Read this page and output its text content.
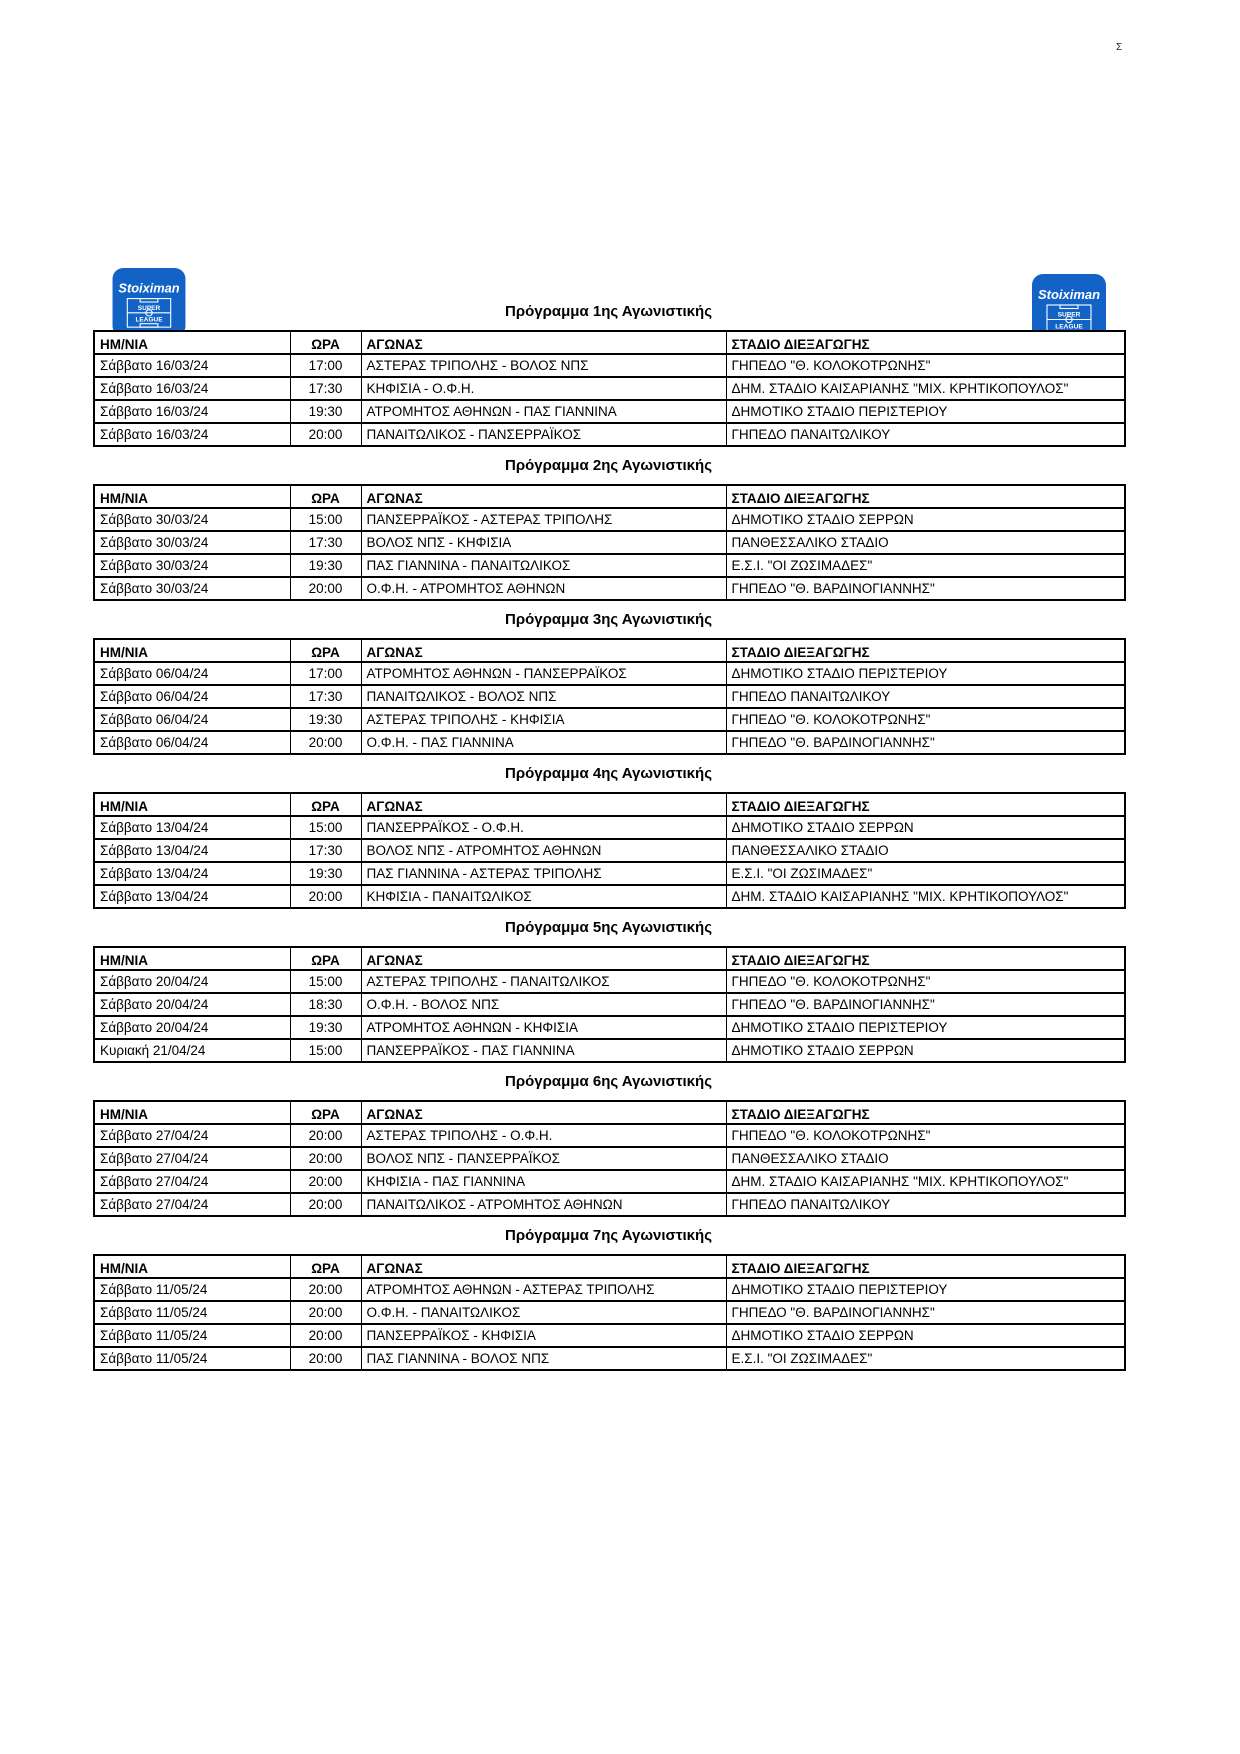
Σ
Stoiximan
SUPER
LEAGUE
Stoiximan
SUPER
LEAGUE
Πρόγραμμα 1ης Αγωνιστικής
ΗΜ/ΝΙΑ	ΩΡΑ	ΑΓΩΝΑΣ	ΣΤΑΔΙΟ ΔΙΕΞΑΓΩΓΗΣ
Σάββατο 16/03/24	17:00	ΑΣΤΕΡΑΣ ΤΡΙΠΟΛΗΣ - ΒΟΛΟΣ ΝΠΣ	ΓΗΠΕΔΟ "Θ. ΚΟΛΟΚΟΤΡΩΝΗΣ"
Σάββατο 16/03/24	17:30	ΚΗΦΙΣΙΑ - Ο.Φ.Η.	ΔΗΜ. ΣΤΑΔΙΟ ΚΑΙΣΑΡΙΑΝΗΣ "ΜΙΧ. ΚΡΗΤΙΚΟΠΟΥΛΟΣ"
Σάββατο 16/03/24	19:30	ΑΤΡΟΜΗΤΟΣ ΑΘΗΝΩΝ - ΠΑΣ ΓΙΑΝΝΙΝΑ	ΔΗΜΟΤΙΚΟ ΣΤΑΔΙΟ ΠΕΡΙΣΤΕΡΙΟΥ
Σάββατο 16/03/24	20:00	ΠΑΝΑΙΤΩΛΙΚΟΣ - ΠΑΝΣΕΡΡΑΪΚΟΣ	ΓΗΠΕΔΟ ΠΑΝΑΙΤΩΛΙΚΟΥ
Πρόγραμμα 2ης Αγωνιστικής
ΗΜ/ΝΙΑ	ΩΡΑ	ΑΓΩΝΑΣ	ΣΤΑΔΙΟ ΔΙΕΞΑΓΩΓΗΣ
Σάββατο 30/03/24	15:00	ΠΑΝΣΕΡΡΑΪΚΟΣ - ΑΣΤΕΡΑΣ ΤΡΙΠΟΛΗΣ	ΔΗΜΟΤΙΚΟ ΣΤΑΔΙΟ ΣΕΡΡΩΝ
Σάββατο 30/03/24	17:30	ΒΟΛΟΣ ΝΠΣ - ΚΗΦΙΣΙΑ	ΠΑΝΘΕΣΣΑΛΙΚΟ ΣΤΑΔΙΟ
Σάββατο 30/03/24	19:30	ΠΑΣ ΓΙΑΝΝΙΝΑ - ΠΑΝΑΙΤΩΛΙΚΟΣ	Ε.Σ.Ι. "ΟΙ ΖΩΣΙΜΑΔΕΣ"
Σάββατο 30/03/24	20:00	Ο.Φ.Η. - ΑΤΡΟΜΗΤΟΣ ΑΘΗΝΩΝ	ΓΗΠΕΔΟ "Θ. ΒΑΡΔΙΝΟΓΙΑΝΝΗΣ"
Πρόγραμμα 3ης Αγωνιστικής
ΗΜ/ΝΙΑ	ΩΡΑ	ΑΓΩΝΑΣ	ΣΤΑΔΙΟ ΔΙΕΞΑΓΩΓΗΣ
Σάββατο 06/04/24	17:00	ΑΤΡΟΜΗΤΟΣ ΑΘΗΝΩΝ - ΠΑΝΣΕΡΡΑΪΚΟΣ	ΔΗΜΟΤΙΚΟ ΣΤΑΔΙΟ ΠΕΡΙΣΤΕΡΙΟΥ
Σάββατο 06/04/24	17:30	ΠΑΝΑΙΤΩΛΙΚΟΣ - ΒΟΛΟΣ ΝΠΣ	ΓΗΠΕΔΟ ΠΑΝΑΙΤΩΛΙΚΟΥ
Σάββατο 06/04/24	19:30	ΑΣΤΕΡΑΣ ΤΡΙΠΟΛΗΣ - ΚΗΦΙΣΙΑ	ΓΗΠΕΔΟ "Θ. ΚΟΛΟΚΟΤΡΩΝΗΣ"
Σάββατο 06/04/24	20:00	Ο.Φ.Η. - ΠΑΣ ΓΙΑΝΝΙΝΑ	ΓΗΠΕΔΟ "Θ. ΒΑΡΔΙΝΟΓΙΑΝΝΗΣ"
Πρόγραμμα 4ης Αγωνιστικής
ΗΜ/ΝΙΑ	ΩΡΑ	ΑΓΩΝΑΣ	ΣΤΑΔΙΟ ΔΙΕΞΑΓΩΓΗΣ
Σάββατο 13/04/24	15:00	ΠΑΝΣΕΡΡΑΪΚΟΣ - Ο.Φ.Η.	ΔΗΜΟΤΙΚΟ ΣΤΑΔΙΟ ΣΕΡΡΩΝ
Σάββατο 13/04/24	17:30	ΒΟΛΟΣ ΝΠΣ - ΑΤΡΟΜΗΤΟΣ ΑΘΗΝΩΝ	ΠΑΝΘΕΣΣΑΛΙΚΟ ΣΤΑΔΙΟ
Σάββατο 13/04/24	19:30	ΠΑΣ ΓΙΑΝΝΙΝΑ - ΑΣΤΕΡΑΣ ΤΡΙΠΟΛΗΣ	Ε.Σ.Ι. "ΟΙ ΖΩΣΙΜΑΔΕΣ"
Σάββατο 13/04/24	20:00	ΚΗΦΙΣΙΑ - ΠΑΝΑΙΤΩΛΙΚΟΣ	ΔΗΜ. ΣΤΑΔΙΟ ΚΑΙΣΑΡΙΑΝΗΣ "ΜΙΧ. ΚΡΗΤΙΚΟΠΟΥΛΟΣ"
Πρόγραμμα 5ης Αγωνιστικής
ΗΜ/ΝΙΑ	ΩΡΑ	ΑΓΩΝΑΣ	ΣΤΑΔΙΟ ΔΙΕΞΑΓΩΓΗΣ
Σάββατο 20/04/24	15:00	ΑΣΤΕΡΑΣ ΤΡΙΠΟΛΗΣ - ΠΑΝΑΙΤΩΛΙΚΟΣ	ΓΗΠΕΔΟ "Θ. ΚΟΛΟΚΟΤΡΩΝΗΣ"
Σάββατο 20/04/24	18:30	Ο.Φ.Η. - ΒΟΛΟΣ ΝΠΣ	ΓΗΠΕΔΟ "Θ. ΒΑΡΔΙΝΟΓΙΑΝΝΗΣ"
Σάββατο 20/04/24	19:30	ΑΤΡΟΜΗΤΟΣ ΑΘΗΝΩΝ - ΚΗΦΙΣΙΑ	ΔΗΜΟΤΙΚΟ ΣΤΑΔΙΟ ΠΕΡΙΣΤΕΡΙΟΥ
Κυριακή 21/04/24	15:00	ΠΑΝΣΕΡΡΑΪΚΟΣ - ΠΑΣ ΓΙΑΝΝΙΝΑ	ΔΗΜΟΤΙΚΟ ΣΤΑΔΙΟ ΣΕΡΡΩΝ
Πρόγραμμα 6ης Αγωνιστικής
ΗΜ/ΝΙΑ	ΩΡΑ	ΑΓΩΝΑΣ	ΣΤΑΔΙΟ ΔΙΕΞΑΓΩΓΗΣ
Σάββατο 27/04/24	20:00	ΑΣΤΕΡΑΣ ΤΡΙΠΟΛΗΣ - Ο.Φ.Η.	ΓΗΠΕΔΟ "Θ. ΚΟΛΟΚΟΤΡΩΝΗΣ"
Σάββατο 27/04/24	20:00	ΒΟΛΟΣ ΝΠΣ - ΠΑΝΣΕΡΡΑΪΚΟΣ	ΠΑΝΘΕΣΣΑΛΙΚΟ ΣΤΑΔΙΟ
Σάββατο 27/04/24	20:00	ΚΗΦΙΣΙΑ - ΠΑΣ ΓΙΑΝΝΙΝΑ	ΔΗΜ. ΣΤΑΔΙΟ ΚΑΙΣΑΡΙΑΝΗΣ "ΜΙΧ. ΚΡΗΤΙΚΟΠΟΥΛΟΣ"
Σάββατο 27/04/24	20:00	ΠΑΝΑΙΤΩΛΙΚΟΣ - ΑΤΡΟΜΗΤΟΣ ΑΘΗΝΩΝ	ΓΗΠΕΔΟ ΠΑΝΑΙΤΩΛΙΚΟΥ
Πρόγραμμα 7ης Αγωνιστικής
ΗΜ/ΝΙΑ	ΩΡΑ	ΑΓΩΝΑΣ	ΣΤΑΔΙΟ ΔΙΕΞΑΓΩΓΗΣ
Σάββατο 11/05/24	20:00	ΑΤΡΟΜΗΤΟΣ ΑΘΗΝΩΝ - ΑΣΤΕΡΑΣ ΤΡΙΠΟΛΗΣ	ΔΗΜΟΤΙΚΟ ΣΤΑΔΙΟ ΠΕΡΙΣΤΕΡΙΟΥ
Σάββατο 11/05/24	20:00	Ο.Φ.Η. - ΠΑΝΑΙΤΩΛΙΚΟΣ	ΓΗΠΕΔΟ "Θ. ΒΑΡΔΙΝΟΓΙΑΝΝΗΣ"
Σάββατο 11/05/24	20:00	ΠΑΝΣΕΡΡΑΪΚΟΣ - ΚΗΦΙΣΙΑ	ΔΗΜΟΤΙΚΟ ΣΤΑΔΙΟ ΣΕΡΡΩΝ
Σάββατο 11/05/24	20:00	ΠΑΣ ΓΙΑΝΝΙΝΑ - ΒΟΛΟΣ ΝΠΣ	Ε.Σ.Ι. "ΟΙ ΖΩΣΙΜΑΔΕΣ"
